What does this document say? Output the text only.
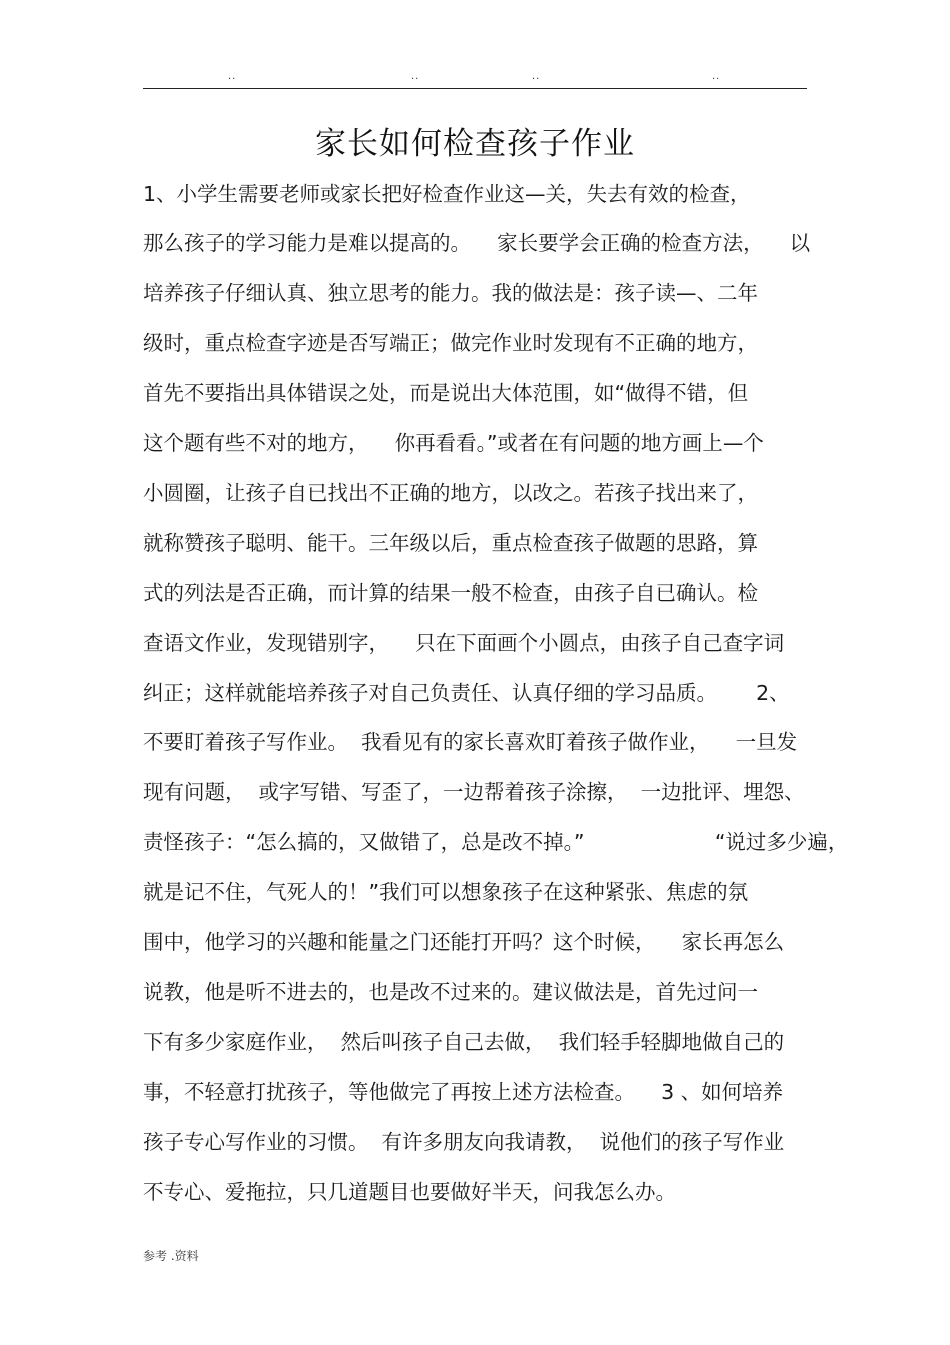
..	..	..	..
家长如何检查孩子作业
1、小学生需要老师或家长把好检查作业这—关，失去有效的检查，
那么孩子的学习能力是难以提高的。    家长要学会正确的检查方法，    以
培养孩子仔细认真、独立思考的能力。我的做法是：孩子读—、二年
级时，重点检查字迹是否写端正；做完作业时发现有不正确的地方，
首先不要指出具体错误之处，而是说出大体范围，如“做得不错，但
这个题有些不对的地方，    你再看看。”或者在有问题的地方画上—个
小圆圈，让孩子自已找出不正确的地方，以改之。若孩子找出来了，
就称赞孩子聪明、能干。三年级以后，重点检查孩子做题的思路，算
式的列法是否正确，而计算的结果一般不检查，由孩子自已确认。检
查语文作业，发现错别字，    只在下面画个小圆点，由孩子自己查字词
纠正；这样就能培养孩子对自己负责任、认真仔细的学习品质。      2、
不要盯着孩子写作业。  我看见有的家长喜欢盯着孩子做作业，    一旦发
现有问题，  或字写错、写歪了，一边帮着孩子涂擦，  一边批评、埋怨、
责怪孩子：“怎么搞的，又做错了，总是改不掉。”                    “说过多少遍，
就是记不住，气死人的！”我们可以想象孩子在这种紧张、焦虑的氛
围中，他学习的兴趣和能量之门还能打开吗？这个时候，    家长再怎么
说教，他是听不进去的，也是改不过来的。建议做法是，首先过问一
下有多少家庭作业，  然后叫孩子自己去做，  我们轻手轻脚地做自己的
事，不轻意打扰孩子，等他做完了再按上述方法检查。    3 、如何培养
孩子专心写作业的习惯。  有许多朋友向我请教，  说他们的孩子写作业
不专心、爱拖拉，只几道题目也要做好半天，问我怎么办。
参考 .资料
